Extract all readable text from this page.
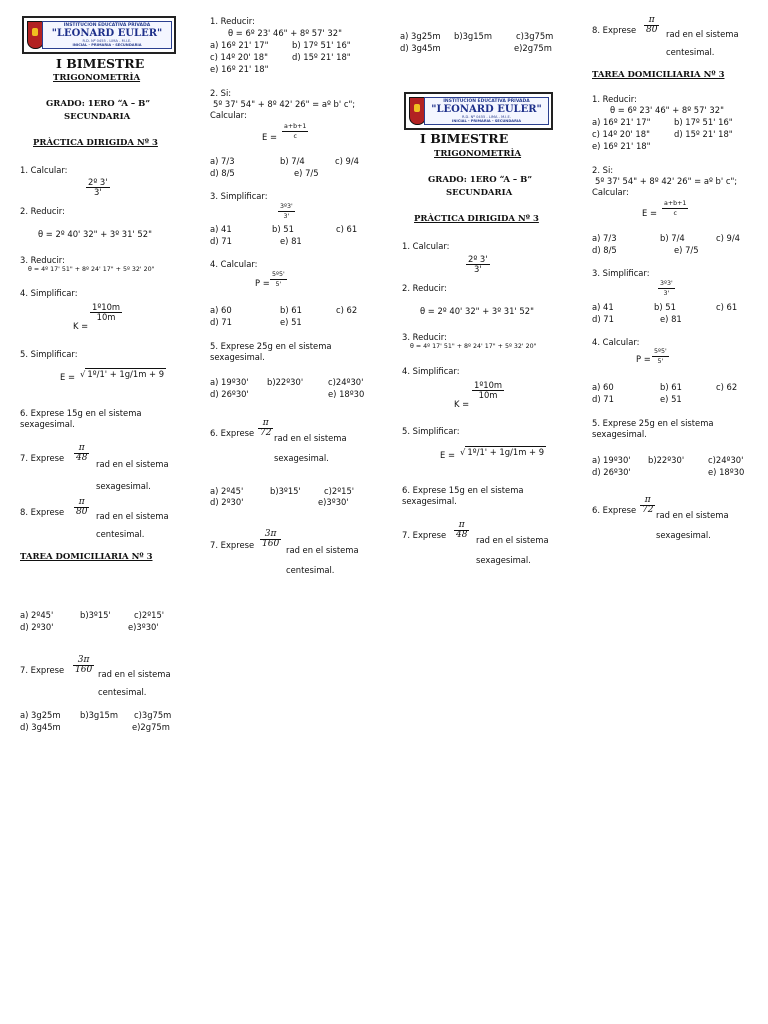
INSTITUCION EDUCATIVA PRIVADA
"LEONARD EULER"
R.D. Nº 0455 - LIMA - M.I.E.
INICIAL - PRIMARIA - SECUNDARIA
I BIMESTRE
TRIGONOMETRÌA
GRADO: 1ERO “A – B”
SECUNDARIA
PRÀCTICA DIRIGIDA Nº 3
1. Calcular:
$\frac{\text{2º 3'}}{3'}$
2. Reducir:
θ = 2º 40' 32" + 3º 31' 52"
3. Reducir:
θ = 4º 17' 51" + 8º 24' 17" + 5º 32' 20"
4. Simplificar:
K =
$\frac{\text{1º10m}}{10m}$
5. Simplificar:
E = √ 1º/1' + 1g/1m + 9
6. Exprese 15g en el sistema sexagesimal.
7. Exprese $\frac{\pi}{48}$
rad en el sistema sexagesimal.
8. Exprese $\frac{\pi}{80}$ rad en el sistema centesimal.
TAREA DOMICILIARIA Nº 3
a) 2º45'	b)3º15'	c)2º15'
d) 2º30'	e)3º30'
7. Exprese $\frac{3\pi}{160}$ rad en el sistema centesimal.
a) 3g25m b)3g15m c)3g75m
d) 3g45m	e)2g75m
1. Reducir:
θ = 6º 23' 46" + 8º 57' 32"
a) 16º 21' 17"	b) 17º 51' 16"
c) 14º 20' 18"	d) 15º 21' 18"
e) 16º 21' 18"
2. Si:
5º 37' 54" + 8º 42' 26" = aº b' c";
Calcular:
$E = \frac{a+b+1}{c}$
a) 7/3	b) 7/4	c) 9/4
d) 8/5	e) 7/5
3. Simplificar:
$\frac{\text{3º3'}}{3'}$
a) 41	b) 51	c) 61
d) 71	e) 81
4. Calcular:
$P = \frac{\text{5º5'}}{5'}$
a) 60	b) 61	c) 62
d) 71	e) 51
5. Exprese 25g en el sistema sexagesimal.
a) 19º30' b)22º30'	c)24º30'
d) 26º30'	e) 18º30
6. Exprese $\frac{\pi}{72}$ rad en el sistema sexagesimal.
a) 2º45'	b)3º15'	c)2º15'
d) 2º30'	e)3º30'
7. Exprese $\frac{3\pi}{160}$
rad en el sistema centesimal.
a) 3g25m b)3g15m	c)3g75m
d) 3g45m	e)2g75m
INSTITUCION EDUCATIVA PRIVADA
"LEONARD EULER"
R.D. Nº 0455 - LIMA - M.I.E.
INICIAL - PRIMARIA - SECUNDARIA
I BIMESTRE
TRIGONOMETRÌA
GRADO: 1ERO “A – B”
SECUNDARIA
PRÀCTICA DIRIGIDA Nº 3
1. Calcular:
$\frac{\text{2º 3'}}{3'}$
2. Reducir:
θ = 2º 40' 32" + 3º 31' 52"
3. Reducir:
θ = 4º 17' 51" + 8º 24' 17" + 5º 32' 20"
4. Simplificar:
K =
$\frac{\text{1º10m}}{10m}$
5. Simplificar:
E = √ 1º/1' + 1g/1m + 9
6. Exprese 15g en el sistema sexagesimal.
7. Exprese $\frac{\pi}{48}$ rad en el sistema sexagesimal.
8. Exprese $\frac{\pi}{80}$ rad en el sistema centesimal.
TAREA DOMICILIARIA Nº 3
1. Reducir:
θ = 6º 23' 46" + 8º 57' 32"
a) 16º 21' 17"	b) 17º 51' 16"
c) 14º 20' 18"	d) 15º 21' 18"
e) 16º 21' 18"
2. Si:
5º 37' 54" + 8º 42' 26" = aº b' c";
Calcular:
$E = \frac{a+b+1}{c}$
a) 7/3	b) 7/4	c) 9/4
d) 8/5	e) 7/5
3. Simplificar:
$\frac{\text{3º3'}}{3'}$
a) 41	b) 51	c) 61
d) 71	e) 81
4. Calcular:
$P = \frac{\text{5º5'}}{5'}$
a) 60	b) 61	c) 62
d) 71	e) 51
5. Exprese 25g en el sistema sexagesimal.
a) 19º30' b)22º30'	c)24º30'
d) 26º30'	e) 18º30
6. Exprese $\frac{\pi}{72}$ rad en el sistema sexagesimal.
